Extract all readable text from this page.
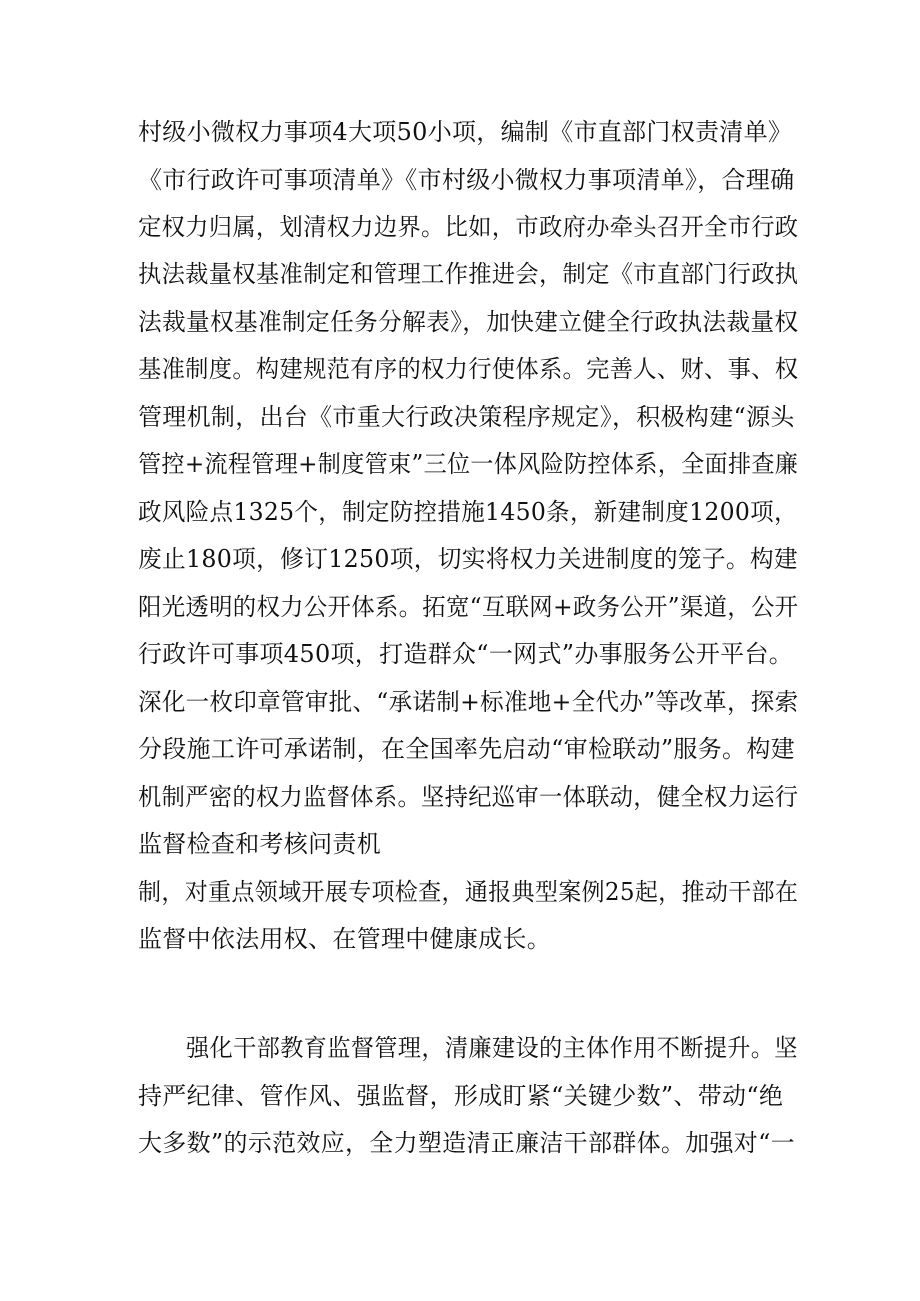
村级小微权力事项4大项50小项，编制《市直部门权责清单》
《市行政许可事项清单》《市村级小微权力事项清单》，合理确
定权力归属，划清权力边界。比如，市政府办牵头召开全市行政
执法裁量权基准制定和管理工作推进会，制定《市直部门行政执
法裁量权基准制定任务分解表》，加快建立健全行政执法裁量权
基准制度。构建规范有序的权力行使体系。完善人、财、事、权
管理机制，出台《市重大行政决策程序规定》，积极构建“源头
管控+流程管理+制度管束”三位一体风险防控体系，全面排查廉
政风险点1325个，制定防控措施1450条，新建制度1200项，
废止180项，修订1250项，切实将权力关进制度的笼子。构建
阳光透明的权力公开体系。拓宽“互联网+政务公开”渠道，公开
行政许可事项450项，打造群众“一网式”办事服务公开平台。
深化一枚印章管审批、“承诺制+标准地+全代办”等改革，探索
分段施工许可承诺制，在全国率先启动“审检联动”服务。构建
机制严密的权力监督体系。坚持纪巡审一体联动，健全权力运行
监督检查和考核问责机
制，对重点领域开展专项检查，通报典型案例25起，推动干部在
监督中依法用权、在管理中健康成长。
强化干部教育监督管理，清廉建设的主体作用不断提升。坚
持严纪律、管作风、强监督，形成盯紧“关键少数”、带动“绝
大多数”的示范效应，全力塑造清正廉洁干部群体。加强对“一
